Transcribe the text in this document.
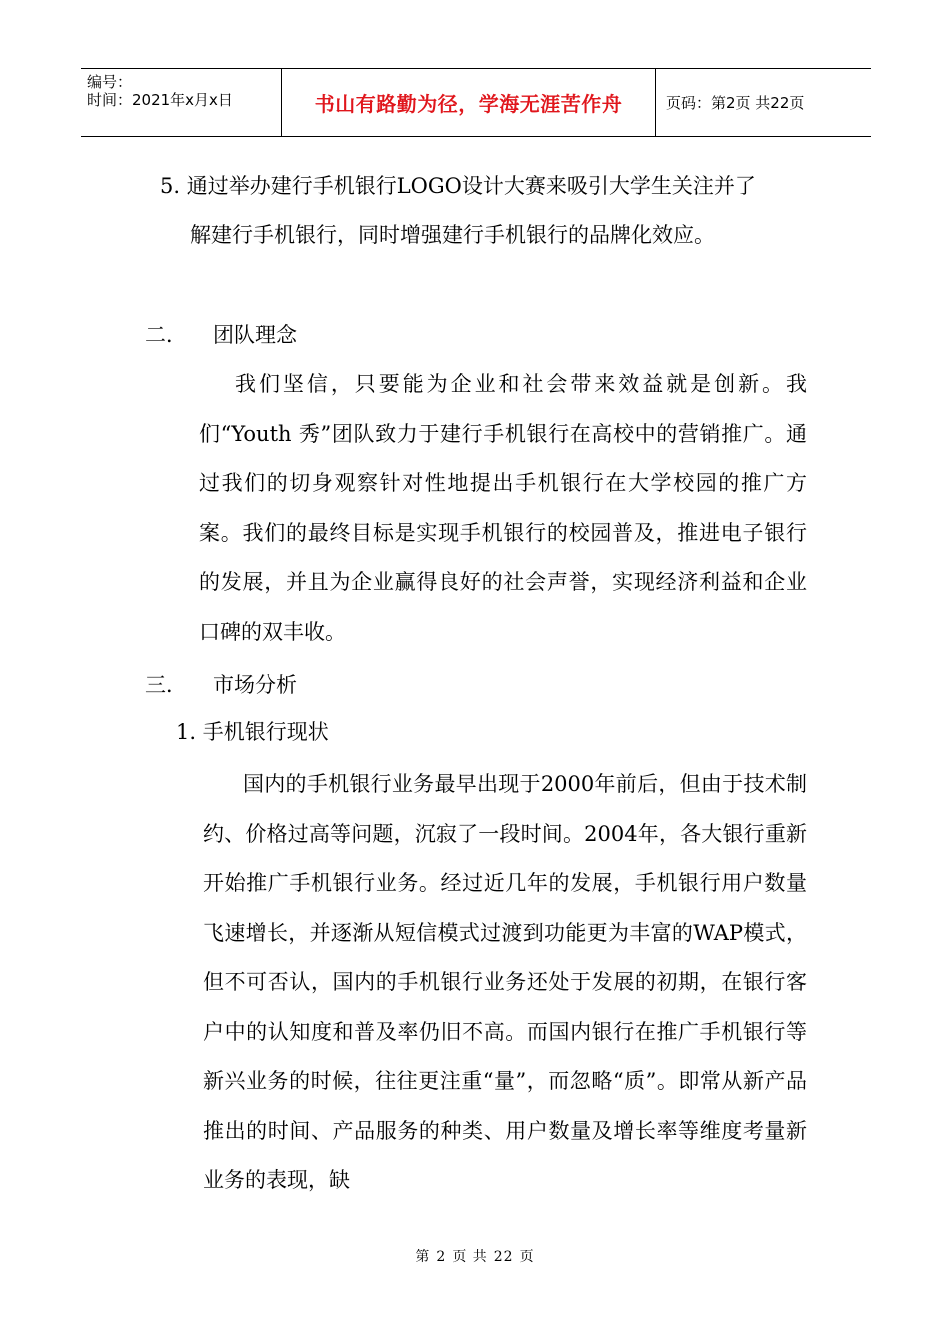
编号：
时间：2021年x月x日	书山有路勤为径，学海无涯苦作舟	页码：第2页 共22页
5. 通过举办建行手机银行LOGO设计大赛来吸引大学生关注并了
解建行手机银行，同时增强建行手机银行的品牌化效应。
二． 团队理念
我们坚信，只要能为企业和社会带来效益就是创新。我们“Youth 秀”团队致力于建行手机银行在高校中的营销推广。通过我们的切身观察针对性地提出手机银行在大学校园的推广方案。我们的最终目标是实现手机银行的校园普及，推进电子银行的发展，并且为企业赢得良好的社会声誉，实现经济利益和企业口碑的双丰收。
三． 市场分析
1. 手机银行现状
国内的手机银行业务最早出现于2000年前后，但由于技术制约、价格过高等问题，沉寂了一段时间。2004年，各大银行重新开始推广手机银行业务。经过近几年的发展，手机银行用户数量飞速增长，并逐渐从短信模式过渡到功能更为丰富的WAP模式，但不可否认，国内的手机银行业务还处于发展的初期，在银行客户中的认知度和普及率仍旧不高。而国内银行在推广手机银行等新兴业务的时候，往往更注重“量”，而忽略“质”。即常从新产品推出的时间、产品服务的种类、用户数量及增长率等维度考量新业务的表现，缺
第 2 页 共 22 页
